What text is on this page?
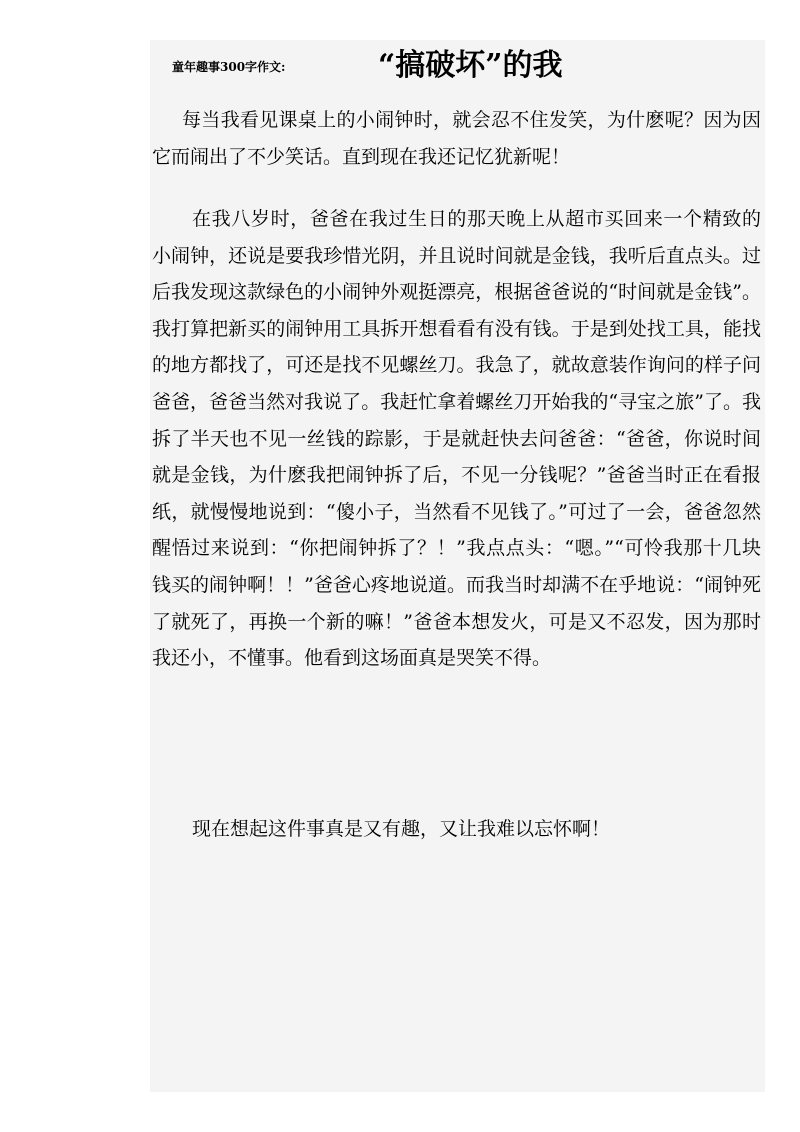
童年趣事300字作文:	“搞破坏”的我

每当我看见课桌上的小闹钟时，就会忍不住发笑，为什麽呢？因为因它而闹出了不少笑话。直到现在我还记忆犹新呢！

在我八岁时，爸爸在我过生日的那天晚上从超市买回来一个精致的小闹钟，还说是要我珍惜光阴，并且说时间就是金钱，我听后直点头。过后我发现这款绿色的小闹钟外观挺漂亮，根据爸爸说的“时间就是金钱”。我打算把新买的闹钟用工具拆开想看看有没有钱。于是到处找工具，能找的地方都找了，可还是找不见螺丝刀。我急了，就故意装作询问的样子问爸爸，爸爸当然对我说了。我赶忙拿着螺丝刀开始我的“寻宝之旅”了。我拆了半天也不见一丝钱的踪影，于是就赶快去问爸爸：“爸爸，你说时间就是金钱，为什麽我把闹钟拆了后，不见一分钱呢？”爸爸当时正在看报纸，就慢慢地说到：“傻小子，当然看不见钱了。”可过了一会，爸爸忽然醒悟过来说到：“你把闹钟拆了？！”我点点头：“嗯。”“可怜我那十几块钱买的闹钟啊！！”爸爸心疼地说道。而我当时却满不在乎地说：“闹钟死了就死了，再换一个新的嘛！”爸爸本想发火，可是又不忍发，因为那时我还小，不懂事。他看到这场面真是哭笑不得。

现在想起这件事真是又有趣，又让我难以忘怀啊！
